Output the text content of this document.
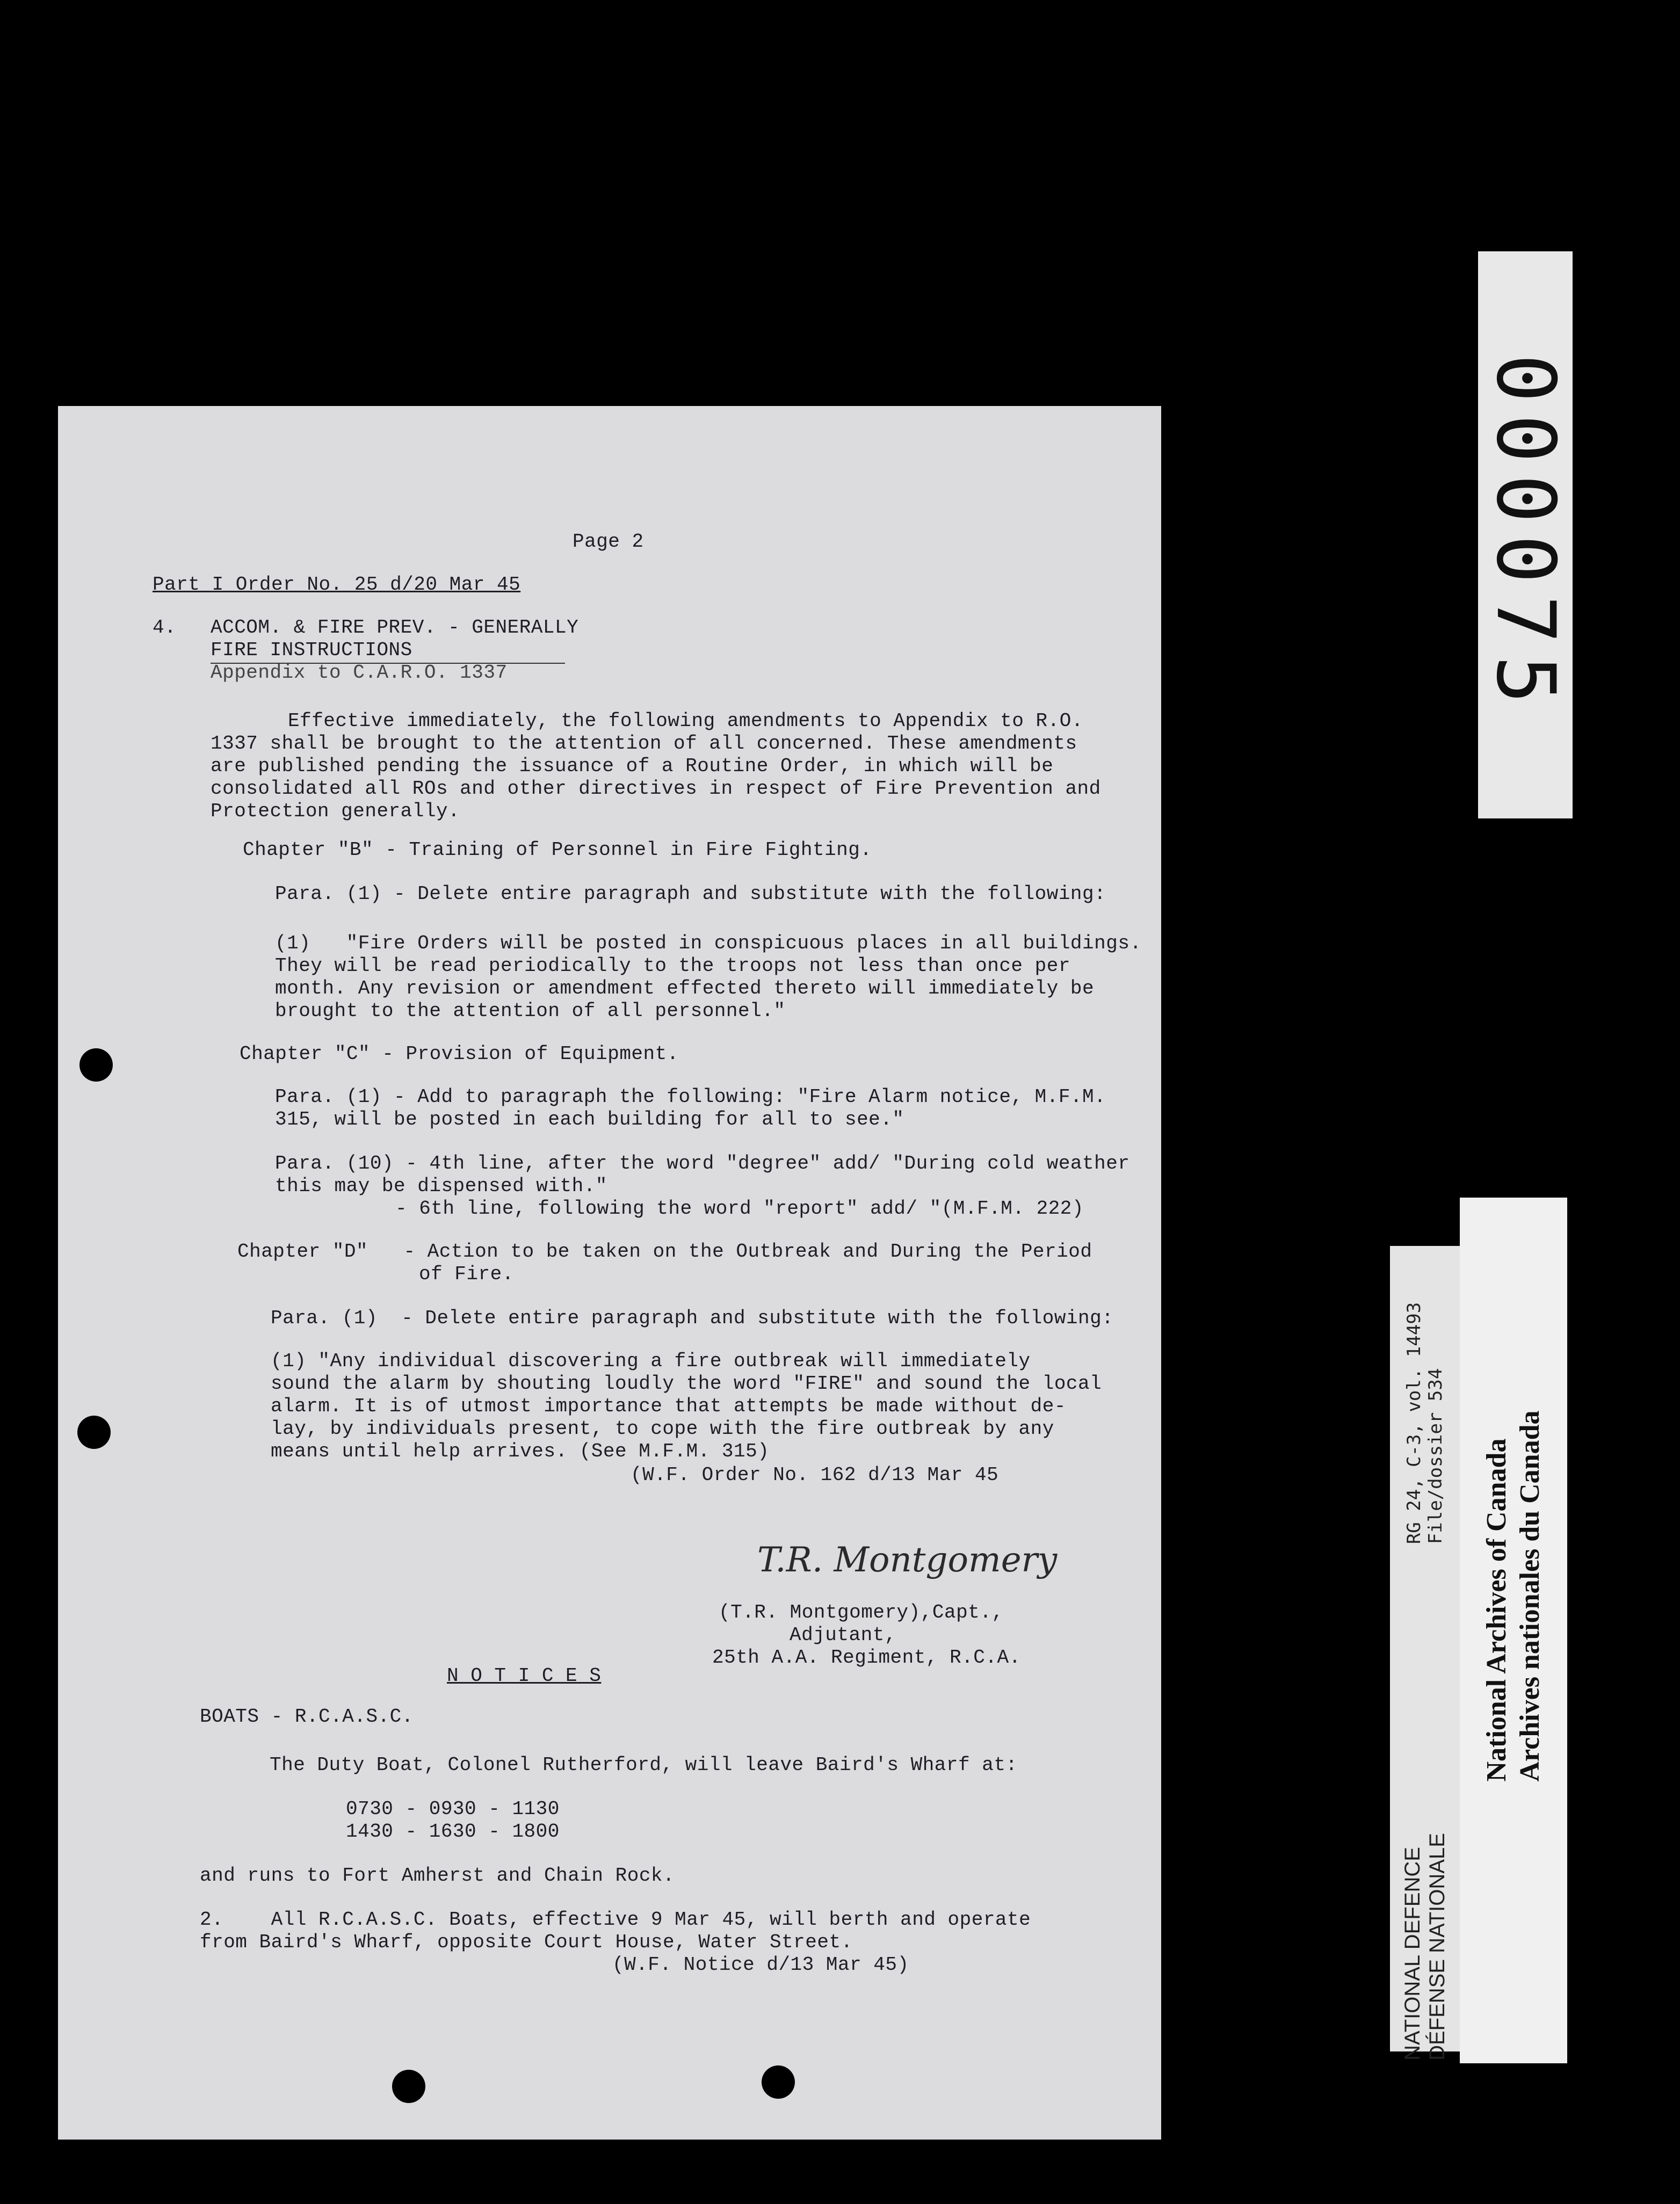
000075
Page 2
Part I Order No. 25 d/20 Mar 45
4. ACCOM. & FIRE PREV. - GENERALLY
FIRE INSTRUCTIONS
Appendix to C.A.R.O. 1337
Effective immediately, the following amendments to Appendix to R.O.
1337 shall be brought to the attention of all concerned. These amendments
are published pending the issuance of a Routine Order, in which will be
consolidated all ROs and other directives in respect of Fire Prevention and
Protection generally.
Chapter "B" - Training of Personnel in Fire Fighting.
Para. (1) - Delete entire paragraph and substitute with the following:
(1)   "Fire Orders will be posted in conspicuous places in all buildings.
They will be read periodically to the troops not less than once per
month. Any revision or amendment effected thereto will immediately be
brought to the attention of all personnel."
Chapter "C" - Provision of Equipment.
Para. (1) - Add to paragraph the following: "Fire Alarm notice, M.F.M.
315, will be posted in each building for all to see."
Para. (10) - 4th line, after the word "degree" add/ "During cold weather
this may be dispensed with."
- 6th line, following the word "report" add/ "(M.F.M. 222)
Chapter "D"   - Action to be taken on the Outbreak and During the Period
of Fire.
Para. (1)  - Delete entire paragraph and substitute with the following:
(1) "Any individual discovering a fire outbreak will immediately
sound the alarm by shouting loudly the word "FIRE" and sound the local
alarm. It is of utmost importance that attempts be made without de-
lay, by individuals present, to cope with the fire outbreak by any
means until help arrives. (See M.F.M. 315)
(W.F. Order No. 162 d/13 Mar 45
T.R. Montgomery
(T.R. Montgomery),Capt.,
Adjutant,
25th A.A. Regiment, R.C.A.
N O T I C E S
BOATS - R.C.A.S.C.
The Duty Boat, Colonel Rutherford, will leave Baird's Wharf at:
0730 - 0930 - 1130
1430 - 1630 - 1800
and runs to Fort Amherst and Chain Rock.
2.    All R.C.A.S.C. Boats, effective 9 Mar 45, will berth and operate
from Baird's Wharf, opposite Court House, Water Street.
(W.F. Notice d/13 Mar 45)
RG 24, C-3, vol. 14493 File/dossier 534
NATIONAL DEFENCE DÉFENSE NATIONALE
National Archives of Canada Archives nationales du Canada
